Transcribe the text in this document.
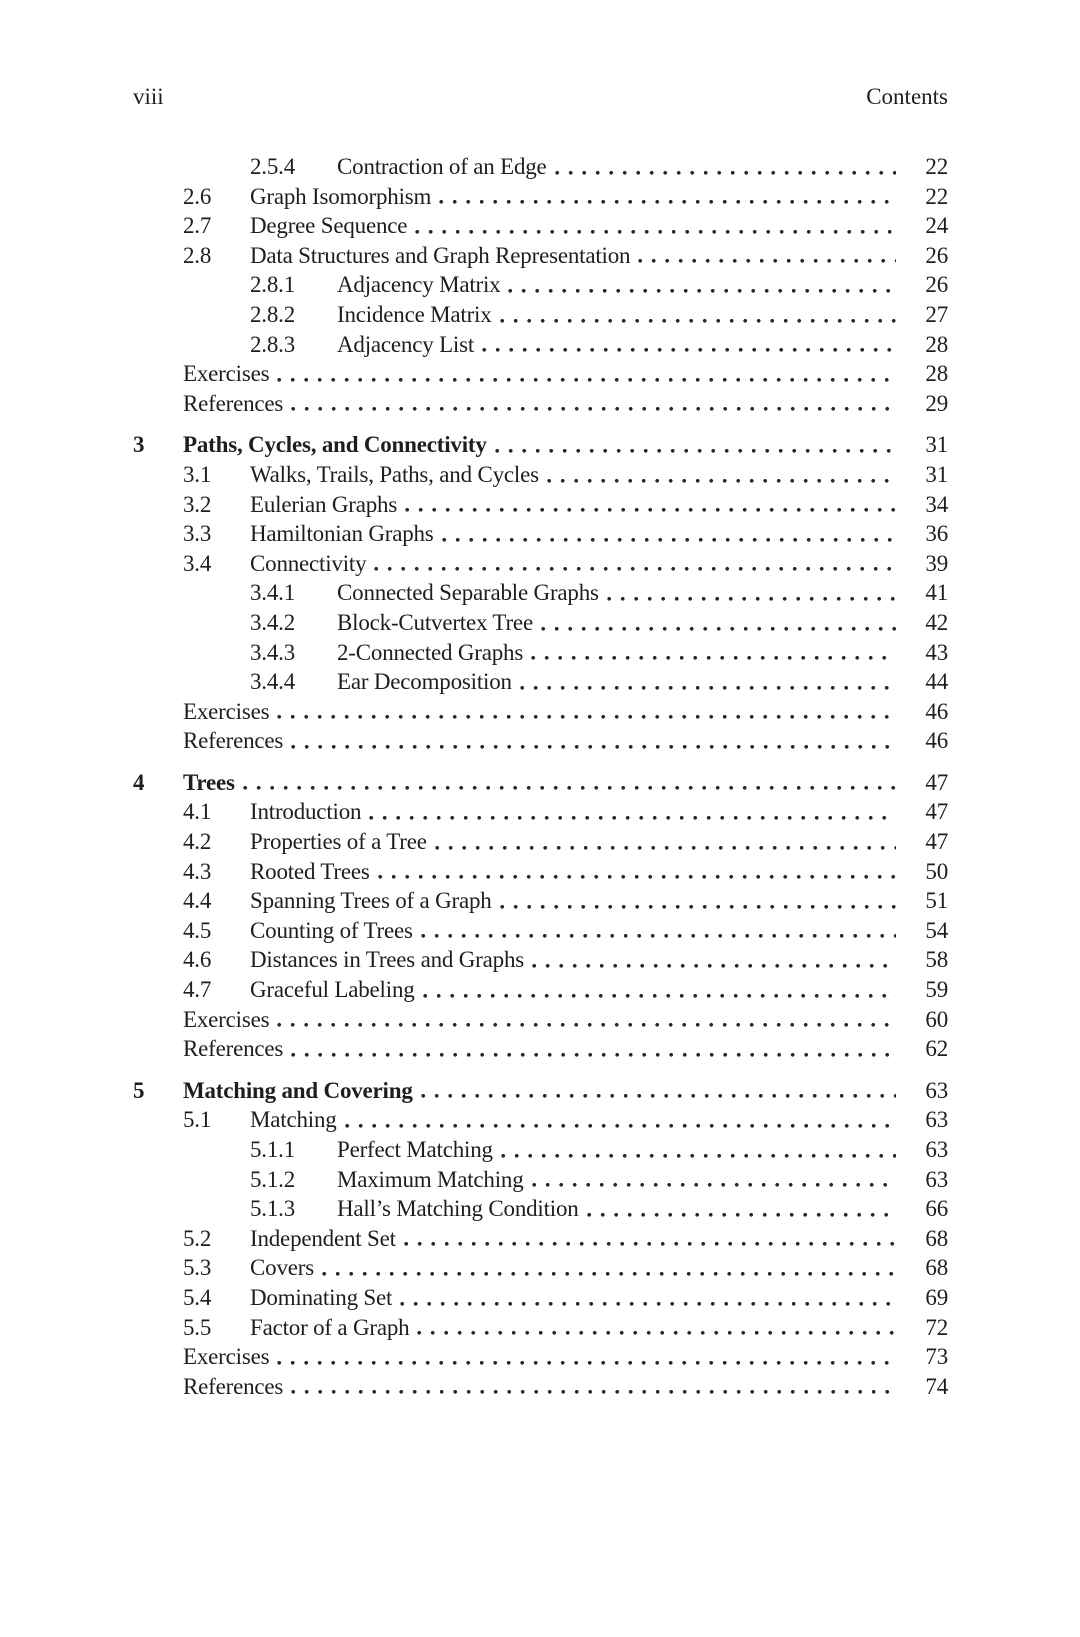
viii	Contents
2.5.4	Contraction of an Edge	22
2.6	Graph Isomorphism	22
2.7	Degree Sequence	24
2.8	Data Structures and Graph Representation	26
2.8.1	Adjacency Matrix	26
2.8.2	Incidence Matrix	27
2.8.3	Adjacency List	28
Exercises	28
References	29
3	Paths, Cycles, and Connectivity	31
3.1	Walks, Trails, Paths, and Cycles	31
3.2	Eulerian Graphs	34
3.3	Hamiltonian Graphs	36
3.4	Connectivity	39
3.4.1	Connected Separable Graphs	41
3.4.2	Block-Cutvertex Tree	42
3.4.3	2-Connected Graphs	43
3.4.4	Ear Decomposition	44
Exercises	46
References	46
4	Trees	47
4.1	Introduction	47
4.2	Properties of a Tree	47
4.3	Rooted Trees	50
4.4	Spanning Trees of a Graph	51
4.5	Counting of Trees	54
4.6	Distances in Trees and Graphs	58
4.7	Graceful Labeling	59
Exercises	60
References	62
5	Matching and Covering	63
5.1	Matching	63
5.1.1	Perfect Matching	63
5.1.2	Maximum Matching	63
5.1.3	Hall’s Matching Condition	66
5.2	Independent Set	68
5.3	Covers	68
5.4	Dominating Set	69
5.5	Factor of a Graph	72
Exercises	73
References	74
